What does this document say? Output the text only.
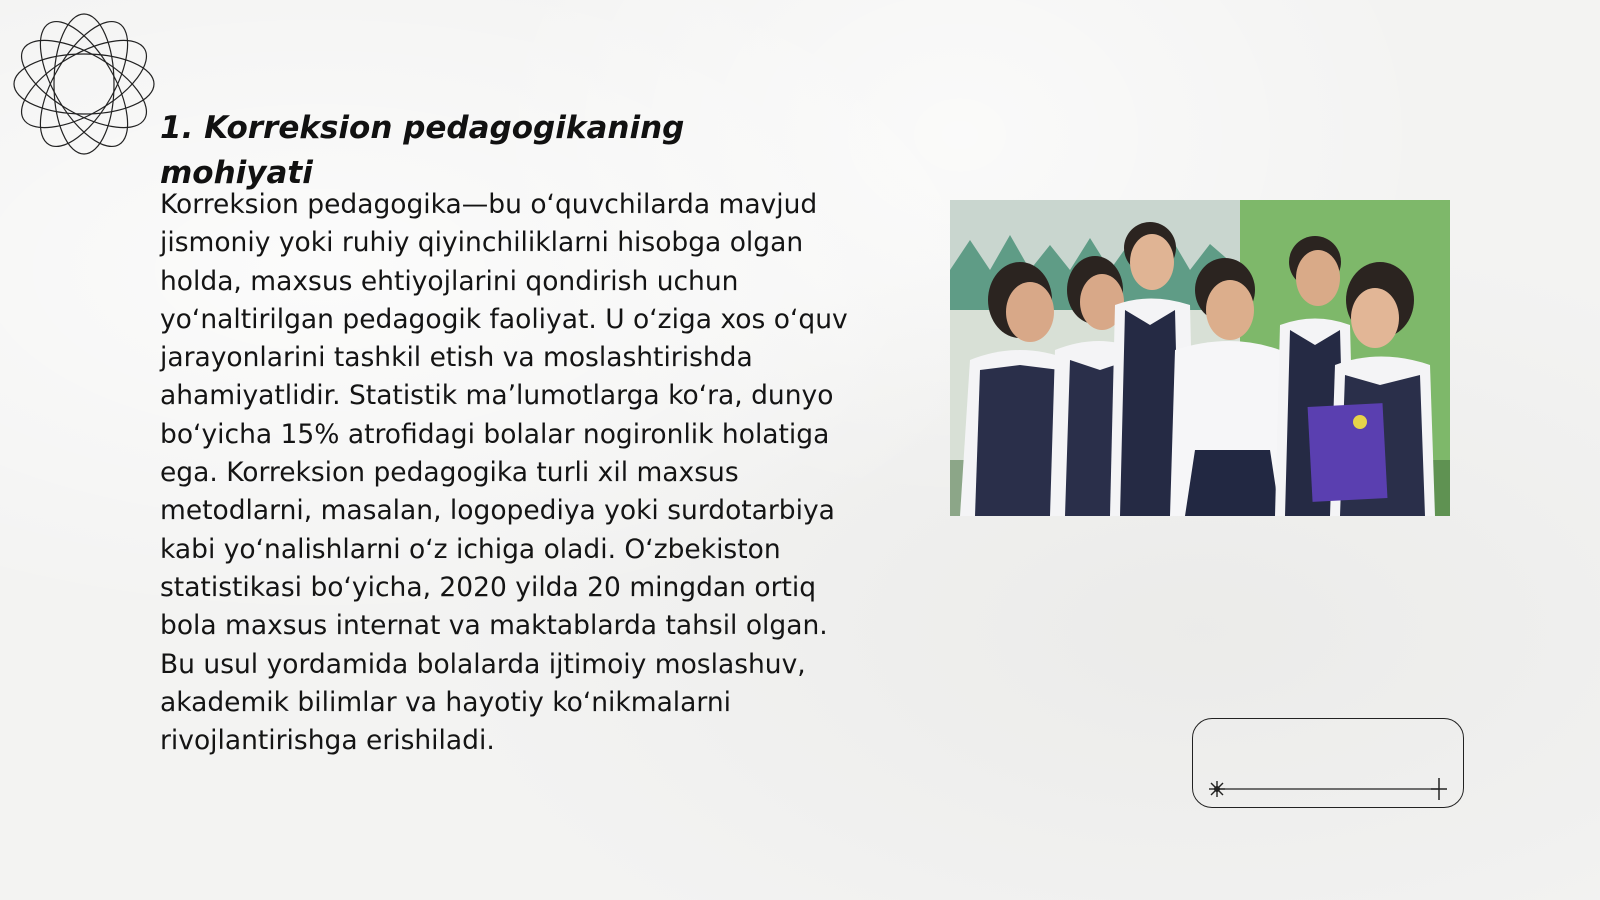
1. Korreksion pedagogikaning mohiyati

Korreksion pedagogika—bu oʻquvchilarda mavjud jismoniy yoki ruhiy qiyinchiliklarni hisobga olgan holda, maxsus ehtiyojlarini qondirish uchun yoʻnaltirilgan pedagogik faoliyat. U oʻziga xos oʻquv jarayonlarini tashkil etish va moslashtirishda ahamiyatlidir. Statistik maʼlumotlarga koʻra, dunyo boʻyicha 15% atrofidagi bolalar nogironlik holatiga ega. Korreksion pedagogika turli xil maxsus metodlarni, masalan, logopediya yoki surdotarbiya kabi yoʻnalishlarni oʻz ichiga oladi. Oʻzbekiston statistikasi boʻyicha, 2020 yilda 20 mingdan ortiq bola maxsus internat va maktablarda tahsil olgan. Bu usul yordamida bolalarda ijtimoiy moslashuv, akademik bilimlar va hayotiy koʻnikmalarni rivojlantirishga erishiladi.
